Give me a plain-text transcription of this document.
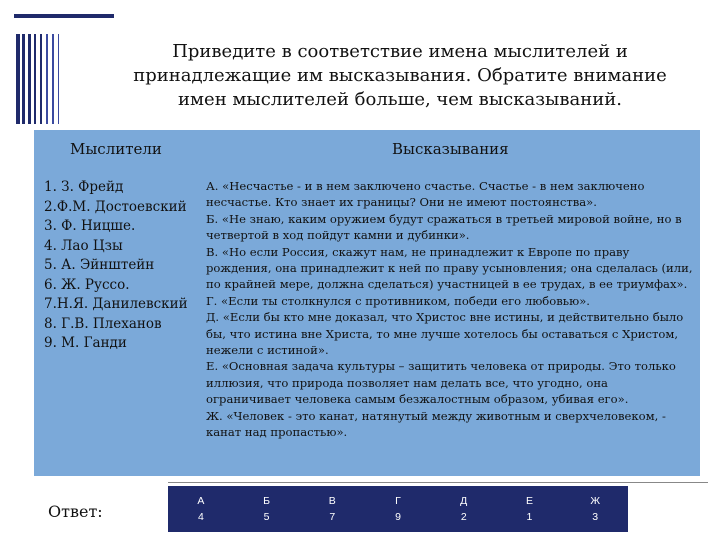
Приведите в соответствие имена мыслителей и принадлежащие им высказывания. Обратите внимание имен мыслителей больше, чем высказываний.
Мыслители	Высказывания
1. З. Фрейд
2.Ф.М. Достоевский
3. Ф. Ницше.
4. Лао Цзы
5. А. Эйнштейн
6. Ж. Руссо.
7.Н.Я. Данилевский
8. Г.В. Плеханов
9. М. Ганди

А. «Несчастье - и в нем заключено счастье. Счастье - в нем заключено несчастье. Кто знает их границы? Они не имеют постоянства».

Б. «Не знаю, каким оружием будут сражаться в третьей мировой войне, но в четвертой в ход пойдут камни и дубинки».

В. «Но если Россия, скажут нам, не принадлежит к Европе по праву рождения, она принадлежит к ней по праву усыновления; она сделалась (или, по крайней мере, должна сделаться) участницей в ее трудах, в ее триумфах».

Г. «Если ты столкнулся с противником, победи его любовью».

Д. «Если бы кто мне доказал, что Христос вне истины, и действительно было бы, что истина вне Христа, то мне лучше хотелось бы оставаться с Христом, нежели с истиной».

Е. «Основная задача культуры – защитить человека от природы. Это только иллюзия, что природа позволяет нам делать все, что угодно, она ограничивает человека самым безжалостным образом, убивая его».

Ж. «Человек - это канат, натянутый между животным и сверхчеловеком, - канат над пропастью».

Ответ:
А
4
Б
5
В
7
Г
9
Д
2
Е
1
Ж
3
